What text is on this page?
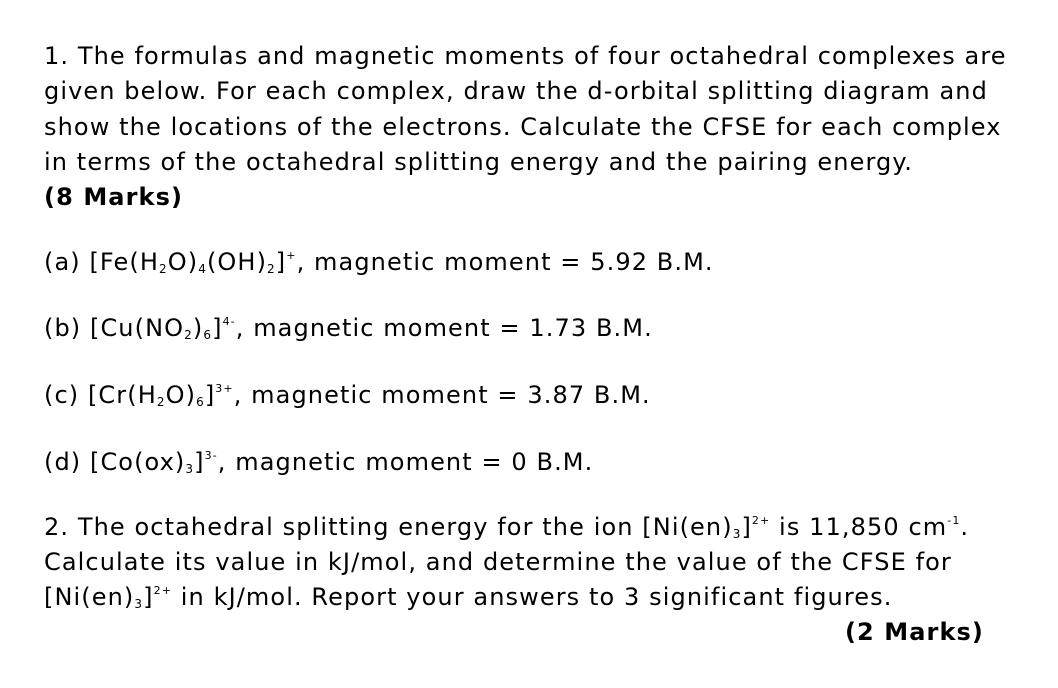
1. The formulas and magnetic moments of four octahedral complexes are
given below. For each complex, draw the d-orbital splitting diagram and
show the locations of the electrons. Calculate the CFSE for each complex
in terms of the octahedral splitting energy and the pairing energy.
(8 Marks)
(a) $[Fe(H_2O)_4(OH)_2]^+$, magnetic moment = 5.92 B.M.
(b) $[Cu(NO_2)_6]^{4-}$, magnetic moment = 1.73 B.M.
(c) $[Cr(H_2O)_6]^{3+}$, magnetic moment = 3.87 B.M.
(d) $[Co(ox)_3]^{3-}$, magnetic moment = 0 B.M.
2. The octahedral splitting energy for the ion $[Ni(en)_3]^{2+}$ is 11,850 $cm^{-1}$.
Calculate its value in kJ/mol, and determine the value of the CFSE for
$[Ni(en)_3]^{2+}$ in kJ/mol. Report your answers to 3 significant figures.
(2 Marks)
